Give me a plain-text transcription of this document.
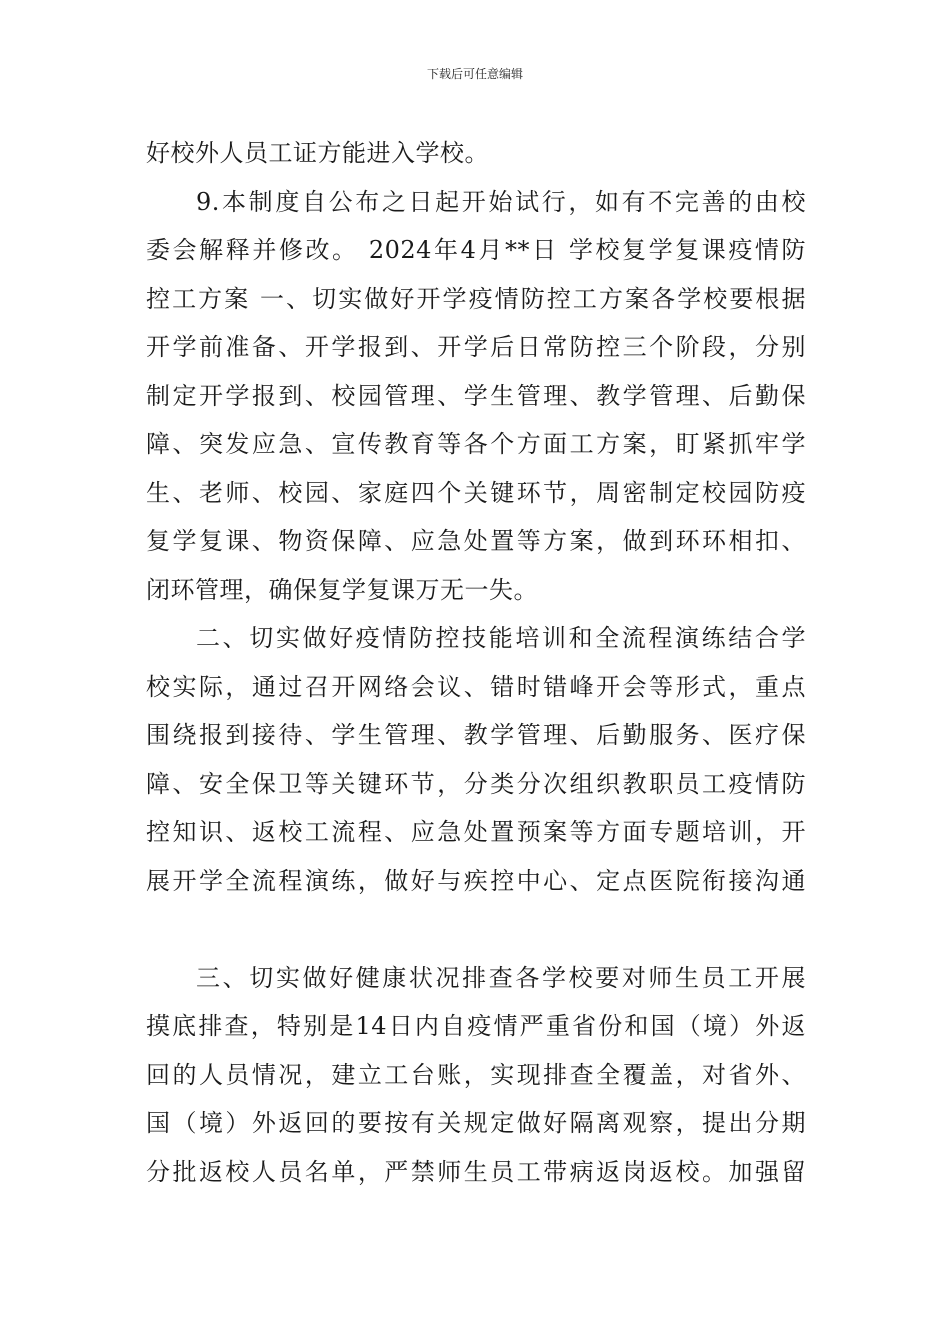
下载后可任意编辑
好校外人员工证方能进入学校。
9.本制度自公布之日起开始试行，如有不完善的由校
委会解释并修改。 2024年4月**日 学校复学复课疫情防
控工方案 一、切实做好开学疫情防控工方案各学校要根据
开学前准备、开学报到、开学后日常防控三个阶段，分别
制定开学报到、校园管理、学生管理、教学管理、后勤保
障、突发应急、宣传教育等各个方面工方案，盯紧抓牢学
生、老师、校园、家庭四个关键环节，周密制定校园防疫
复学复课、物资保障、应急处置等方案，做到环环相扣、
闭环管理，确保复学复课万无一失。
二、切实做好疫情防控技能培训和全流程演练结合学
校实际，通过召开网络会议、错时错峰开会等形式，重点
围绕报到接待、学生管理、教学管理、后勤服务、医疗保
障、安全保卫等关键环节，分类分次组织教职员工疫情防
控知识、返校工流程、应急处置预案等方面专题培训，开
展开学全流程演练，做好与疾控中心、定点医院衔接沟通
三、切实做好健康状况排查各学校要对师生员工开展
摸底排查，特别是14日内自疫情严重省份和国（境）外返
回的人员情况，建立工台账，实现排查全覆盖，对省外、
国（境）外返回的要按有关规定做好隔离观察，提出分期
分批返校人员名单，严禁师生员工带病返岗返校。加强留
